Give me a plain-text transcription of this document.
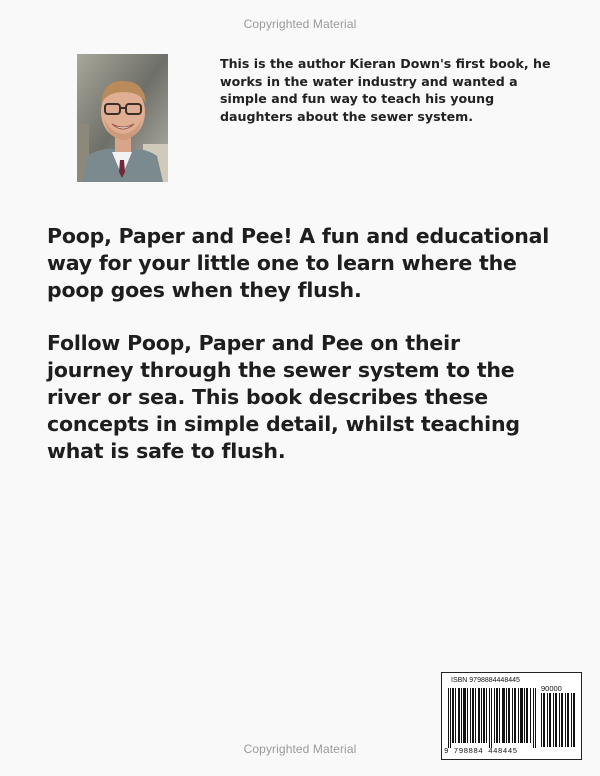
Copyrighted Material
This is the author Kieran Down's first book, he works in the water industry and wanted a simple and fun way to teach his young daughters about the sewer system.
Poop, Paper and Pee! A fun and educational way for your little one to learn where the poop goes when they flush.
Follow Poop, Paper and Pee on their journey through the sewer system to the river or sea. This book describes these concepts in simple detail, whilst teaching what is safe to flush.
ISBN 9798884448445
90000
9 798884 448445
Copyrighted Material
